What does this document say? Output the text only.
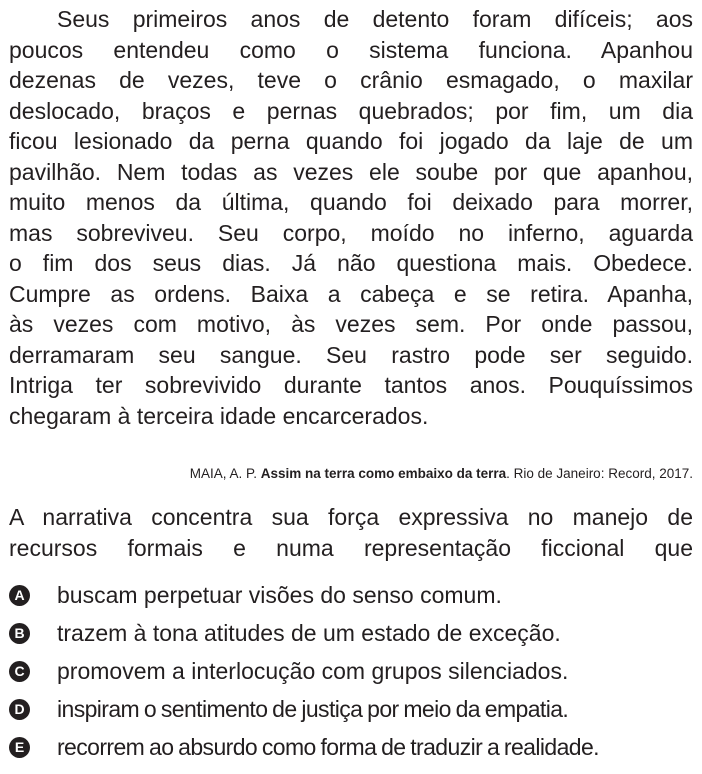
Seus primeiros anos de detento foram difíceis; aos
poucos entendeu como o sistema funciona. Apanhou
dezenas de vezes, teve o crânio esmagado, o maxilar
deslocado, braços e pernas quebrados; por fim, um dia
ficou lesionado da perna quando foi jogado da laje de um
pavilhão. Nem todas as vezes ele soube por que apanhou,
muito menos da última, quando foi deixado para morrer,
mas sobreviveu. Seu corpo, moído no inferno, aguarda
o fim dos seus dias. Já não questiona mais. Obedece.
Cumpre as ordens. Baixa a cabeça e se retira. Apanha,
às vezes com motivo, às vezes sem. Por onde passou,
derramaram seu sangue. Seu rastro pode ser seguido.
Intriga ter sobrevivido durante tantos anos. Pouquíssimos
chegaram à terceira idade encarcerados.
MAIA, A. P. Assim na terra como embaixo da terra. Rio de Janeiro: Record, 2017.
A narrativa concentra sua força expressiva no manejo de
recursos formais e numa representação ficcional que
A buscam perpetuar visões do senso comum.
B trazem à tona atitudes de um estado de exceção.
C promovem a interlocução com grupos silenciados.
D inspiram o sentimento de justiça por meio da empatia.
E recorrem ao absurdo como forma de traduzir a realidade.
